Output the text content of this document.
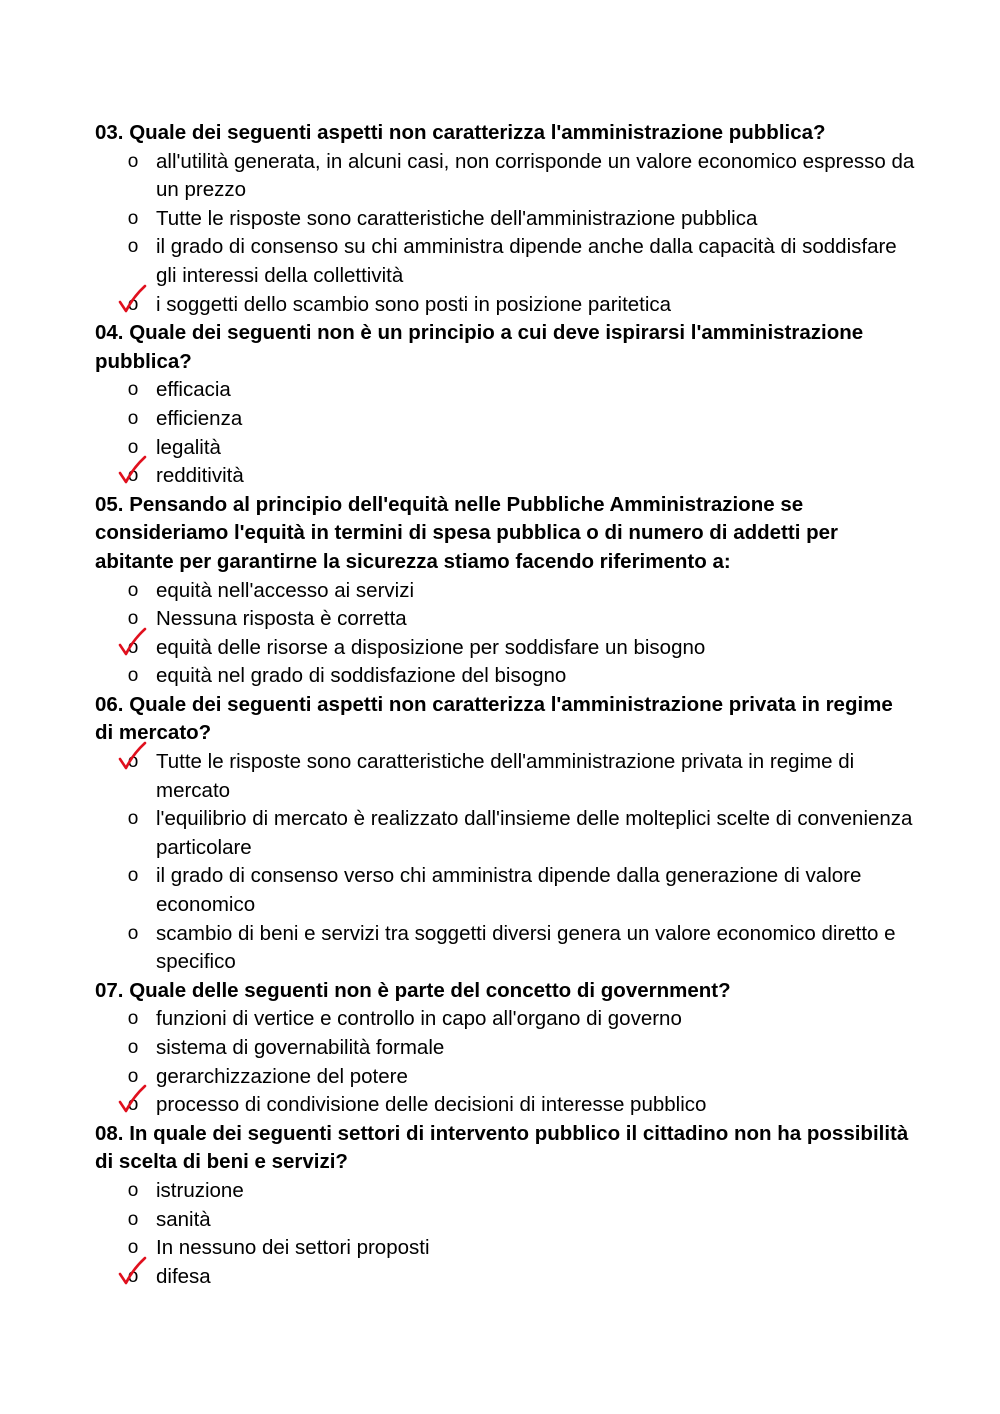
03. Quale dei seguenti aspetti non caratterizza l'amministrazione pubblica?

o all'utilità generata, in alcuni casi, non corrisponde un valore economico espresso da un prezzo
o Tutte le risposte sono caratteristiche dell'amministrazione pubblica
o il grado di consenso su chi amministra dipende anche dalla capacità di soddisfare gli interessi della collettività
o i soggetti dello scambio sono posti in posizione paritetica

04. Quale dei seguenti non è un principio a cui deve ispirarsi l'amministrazione pubblica?

o efficacia
o efficienza
o legalità
o redditività

05. Pensando al principio dell'equità nelle Pubbliche Amministrazione se consideriamo l'equità in termini di spesa pubblica o di numero di addetti per abitante per garantirne la sicurezza stiamo facendo riferimento a:

o equità nell'accesso ai servizi
o Nessuna risposta è corretta
o equità delle risorse a disposizione per soddisfare un bisogno
o equità nel grado di soddisfazione del bisogno

06. Quale dei seguenti aspetti non caratterizza l'amministrazione privata in regime di mercato?

o Tutte le risposte sono caratteristiche dell'amministrazione privata in regime di mercato
o l'equilibrio di mercato è realizzato dall'insieme delle molteplici scelte di convenienza particolare
o il grado di consenso verso chi amministra dipende dalla generazione di valore economico
o scambio di beni e servizi tra soggetti diversi genera un valore economico diretto e specifico

07. Quale delle seguenti non è parte del concetto di government?

o funzioni di vertice e controllo in capo all'organo di governo
o sistema di governabilità formale
o gerarchizzazione del potere
o processo di condivisione delle decisioni di interesse pubblico

08. In quale dei seguenti settori di intervento pubblico il cittadino non ha possibilità di scelta di beni e servizi?

o istruzione
o sanità
o In nessuno dei settori proposti
o difesa
